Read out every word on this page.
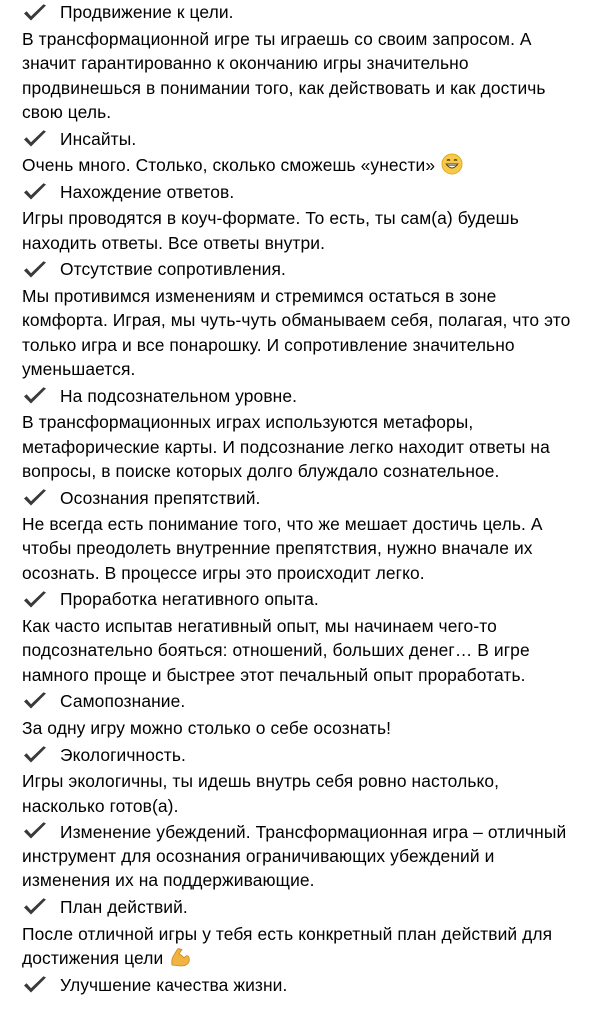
Продвижение к цели.
В трансформационной игре ты играешь со своим запросом. А значит гарантированно к окончанию игры значительно продвинешься в понимании того, как действовать и как достичь свою цель.
Инсайты.
Очень много. Столько, сколько сможешь «унести»
Нахождение ответов.
Игры проводятся в коуч-формате. То есть, ты сам(а) будешь находить ответы. Все ответы внутри.
Отсутствие сопротивления.
Мы противимся изменениям и стремимся остаться в зоне комфорта. Играя, мы чуть-чуть обманываем себя, полагая, что это только игра и все понарошку. И сопротивление значительно уменьшается.
На подсознательном уровне.
В трансформационных играх используются метафоры, метафорические карты. И подсознание легко находит ответы на вопросы, в поиске которых долго блуждало сознательное.
Осознания препятствий.
Не всегда есть понимание того, что же мешает достичь цель. А чтобы преодолеть внутренние препятствия, нужно вначале их осознать. В процессе игры это происходит легко.
Проработка негативного опыта.
Как часто испытав негативный опыт, мы начинаем чего-то подсознательно бояться: отношений, больших денег… В игре намного проще и быстрее этот печальный опыт проработать.
Самопознание.
За одну игру можно столько о себе осознать!
Экологичность.
Игры экологичны, ты идешь внутрь себя ровно настолько, насколько готов(а).
Изменение убеждений. Трансформационная игра – отличный инструмент для осознания ограничивающих убеждений и изменения их на поддерживающие.
План действий.
После отличной игры у тебя есть конкретный план действий для достижения цели
Улучшение качества жизни.
